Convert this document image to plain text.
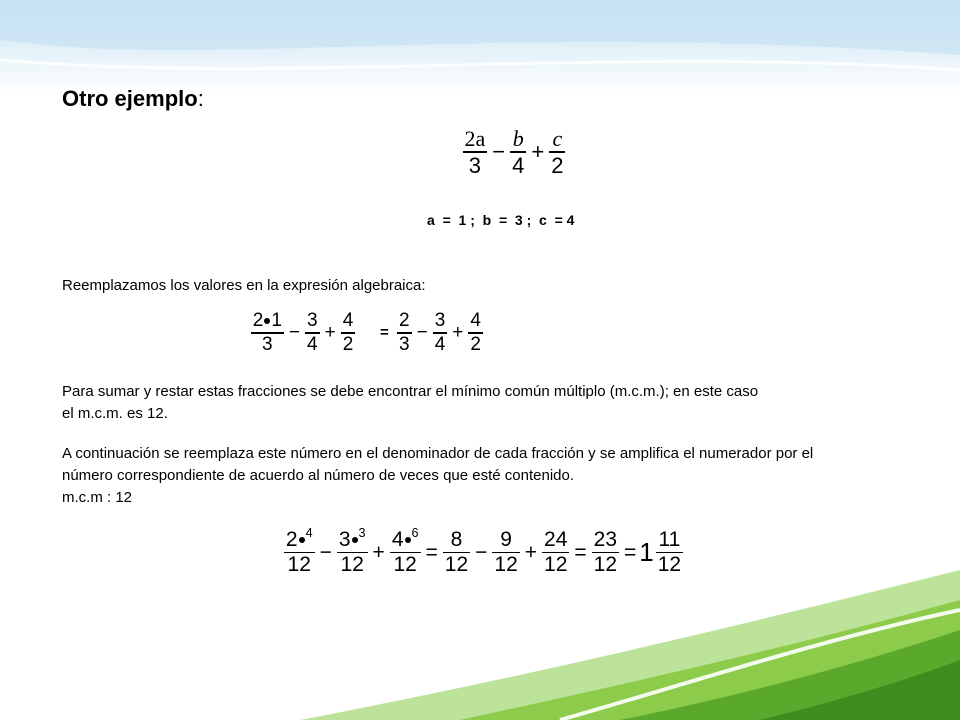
Otro ejemplo:
$\frac{2a}{3} - \frac{b}{4} + \frac{c}{2}$
a  =  1 ;  b  =  3 ;  c  = 4
Reemplazamos los valores en la expresión algebraica:
$\frac{2 1}{3} - \frac{3}{4} + \frac{4}{2} = \frac{2}{3} - \frac{3}{4} + \frac{4}{2}$
Para sumar y restar estas fracciones se debe encontrar el mínimo común múltiplo (m.c.m.); en este caso
el m.c.m. es 12.
A continuación se reemplaza este número en el denominador de cada fracción y se amplifica el numerador por el
número correspondiente de acuerdo al número de veces que esté contenido.
m.c.m : 12
$\frac{2 ^4}{12} - \frac{3 ^3}{12} + \frac{4 ^6}{12} = \frac{8}{12} - \frac{9}{12} + \frac{24}{12} = \frac{23}{12} = 1 \frac{11}{12}$
